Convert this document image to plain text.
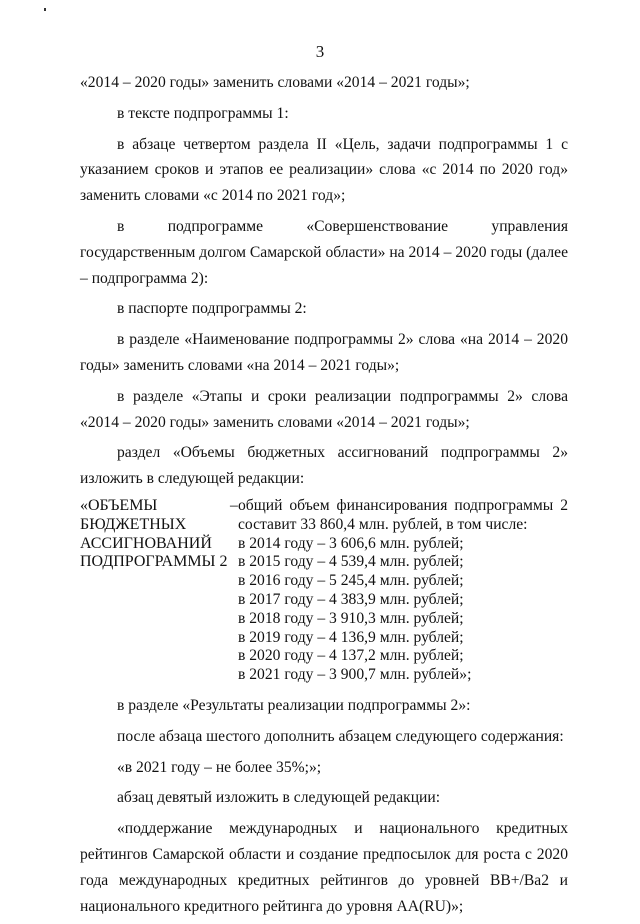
3

«2014 – 2020 годы» заменить словами «2014 – 2021 годы»;

в тексте подпрограммы 1:

в абзаце четвертом раздела II «Цель, задачи подпрограммы 1 с указанием сроков и этапов ее реализации» слова «с 2014 по 2020 год» заменить словами «с 2014 по 2021 год»;

в подпрограмме «Совершенствование управления государственным долгом Самарской области» на 2014 – 2020 годы (далее – подпрограмма 2):

в паспорте подпрограммы 2:

в разделе «Наименование подпрограммы 2» слова «на 2014 – 2020 годы» заменить словами «на 2014 – 2021 годы»;

в разделе «Этапы и сроки реализации подпрограммы 2» слова «2014 – 2020 годы» заменить словами «2014 – 2021 годы»;

раздел «Объемы бюджетных ассигнований подпрограммы 2» изложить в следующей редакции:

«ОБЪЕМЫ
БЮДЖЕТНЫХ
АССИГНОВАНИЙ
ПОДПРОГРАММЫ 2
– общий объем финансирования подпрограммы 2
составит 33 860,4 млн. рублей, в том числе:
в 2014 году – 3 606,6 млн. рублей;
в 2015 году – 4 539,4 млн. рублей;
в 2016 году – 5 245,4 млн. рублей;
в 2017 году – 4 383,9 млн. рублей;
в 2018 году – 3 910,3 млн. рублей;
в 2019 году – 4 136,9 млн. рублей;
в 2020 году – 4 137,2 млн. рублей;
в 2021 году – 3 900,7 млн. рублей»;

в разделе «Результаты реализации подпрограммы 2»:

после абзаца шестого дополнить абзацем следующего содержания:

«в 2021 году – не более 35%;»;

абзац девятый изложить в следующей редакции:

«поддержание международных и национального кредитных рейтингов Самарской области и создание предпосылок для роста с 2020 года международных кредитных рейтингов до уровней BB+/Ba2 и национального кредитного рейтинга до уровня AA(RU)»;
